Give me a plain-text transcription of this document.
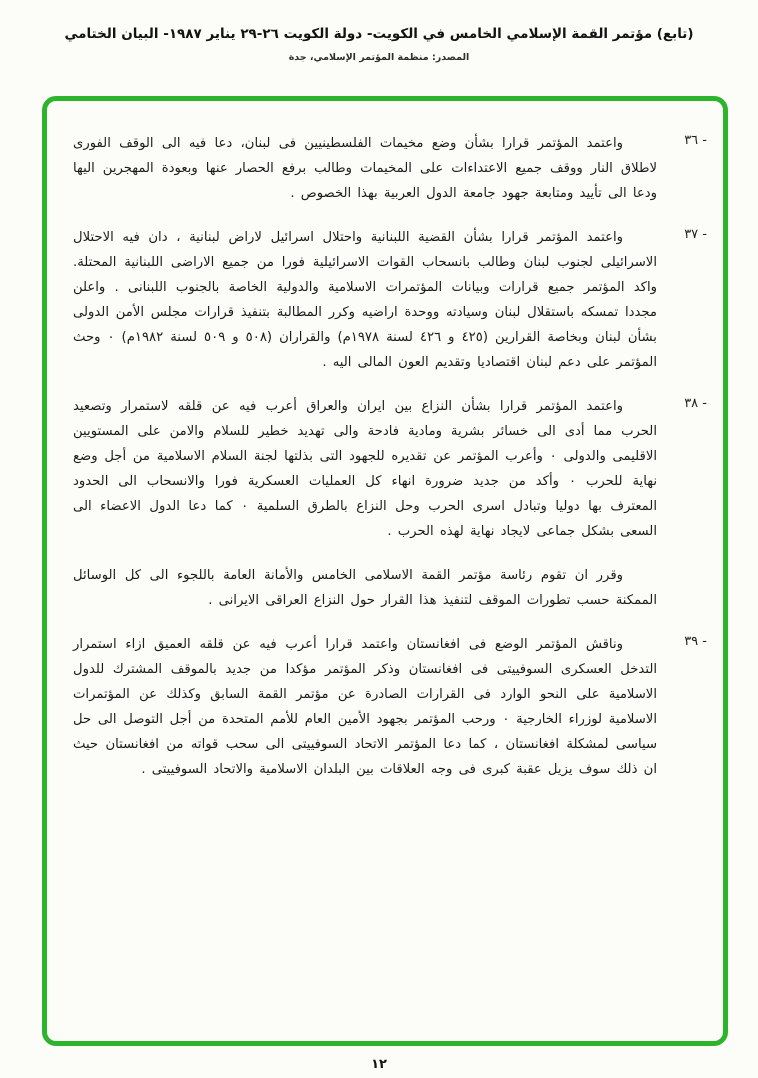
(تابع) مؤتمر القمة الإسلامي الخامس في الكويت- دولة الكويت ٢٦-٢٩ يناير ١٩٨٧- البيان الختامي
المصدر: منظمة المؤتمر الإسلامي، جدة
٣٦ -
واعتمد المؤتمر قرارا بشأن وضع مخيمات الفلسطينيين فى لبنان، دعا فيه الى الوقف الفورى لاطلاق النار ووقف جميع الاعتداءات على المخيمات وطالب برفع الحصار عنها وبعودة المهجرين اليها ودعا الى تأييد ومتابعة جهود جامعة الدول العربية بهذا الخصوص .
٣٧ -
واعتمد المؤتمر قرارا بشأن القضية اللبنانية واحتلال اسرائيل لاراض لبنانية ، دان فيه الاحتلال الاسرائيلى لجنوب لبنان وطالب بانسحاب القوات الاسرائيلية فورا من جميع الاراضى اللبنانية المحتلة. واكد المؤتمر جميع قرارات وبيانات المؤتمرات الاسلامية والدولية الخاصة بالجنوب اللبنانى . واعلن مجددا تمسكه باستقلال لبنان وسيادته ووحدة اراضيه وكرر المطالبة بتنفيذ قرارات مجلس الأمن الدولى بشأن لبنان وبخاصة القرارين (٤٢٥ و ٤٢٦ لسنة ١٩٧٨م) والقراران (٥٠٨ و ٥٠٩ لسنة ١٩٨٢م) ٠ وحث المؤتمر على دعم لبنان اقتصاديا وتقديم العون المالى اليه .
٣٨ -
واعتمد المؤتمر قرارا بشأن النزاع بين ايران والعراق أعرب فيه عن قلقه لاستمرار وتصعيد الحرب مما أدى الى خسائر بشرية ومادية فادحة والى تهديد خطير للسلام والامن على المستويين الاقليمى والدولى ٠ وأعرب المؤتمر عن تقديره للجهود التى بذلتها لجنة السلام الاسلامية من أجل وضع نهاية للحرب ٠ وأكد من جديد ضرورة انهاء كل العمليات العسكرية فورا والانسحاب الى الحدود المعترف بها دوليا وتبادل اسرى الحرب وحل النزاع بالطرق السلمية ٠ كما دعا الدول الاعضاء الى السعى بشكل جماعى لايجاد نهاية لهذه الحرب .
وقرر ان تقوم رئاسة مؤتمر القمة الاسلامى الخامس والأمانة العامة باللجوء الى كل الوسائل الممكنة حسب تطورات الموقف لتنفيذ هذا القرار حول النزاع العراقى الايرانى .
٣٩ -
وناقش المؤتمر الوضع فى افغانستان واعتمد قرارا أعرب فيه عن قلقه العميق ازاء استمرار التدخل العسكرى السوفييتى فى افغانستان وذكر المؤتمر مؤكدا من جديد بالموقف المشترك للدول الاسلامية على النحو الوارد فى القرارات الصادرة عن مؤتمر القمة السابق وكذلك عن المؤتمرات الاسلامية لوزراء الخارجية ٠ ورحب المؤتمر بجهود الأمين العام للأمم المتحدة من أجل التوصل الى حل سياسى لمشكلة افغانستان ، كما دعا المؤتمر الاتحاد السوفييتى الى سحب قواته من افغانستان حيث ان ذلك سوف يزيل عقبة كبرى فى وجه العلاقات بين البلدان الاسلامية والاتحاد السوفييتى .
١٢
